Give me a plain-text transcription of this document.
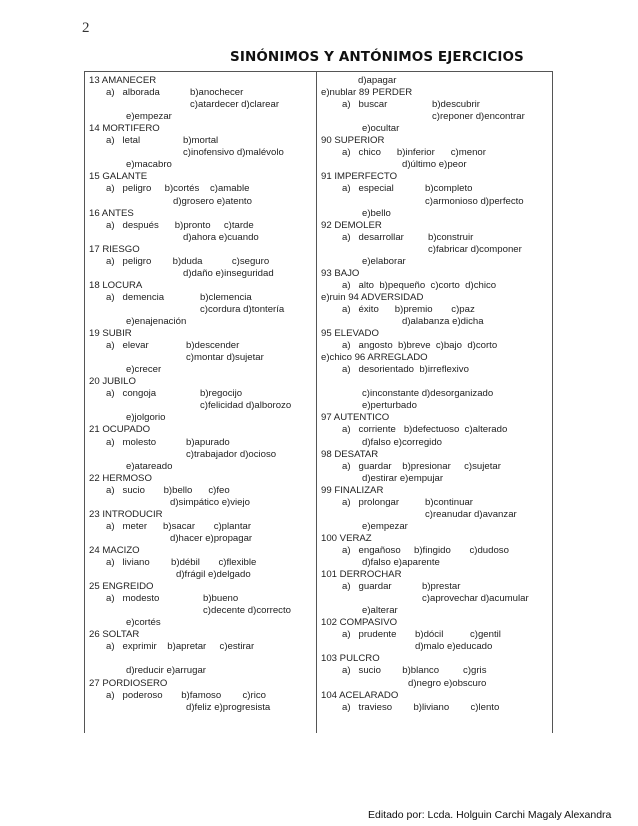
2
SINÓNIMOS Y ANTÓNIMOS EJERCICIOS
13 AMANECER
a)   alborada	b)anochecer
c)atardecer d)clarear
e)empezar
14 MORTIFERO
a)   letal	b)mortal
c)inofensivo d)malévolo
e)macabro
15 GALANTE
a)   peligro     b)cortés    c)amable
d)grosero e)atento
16 ANTES
a)   después      b)pronto     c)tarde
d)ahora e)cuando
17 RIESGO
a)   peligro        b)duda           c)seguro
d)daño e)inseguridad
18 LOCURA
a)   demencia	b)clemencia
c)cordura d)tontería
e)enajenación
19 SUBIR
a)   elevar	b)descender
c)montar d)sujetar
e)crecer
20 JUBILO
a)   congoja	b)regocijo
c)felicidad d)alborozo
e)jolgorio
21 OCUPADO
a)   molesto	b)apurado
c)trabajador d)ocioso
e)atareado
22 HERMOSO
a)   sucio       b)bello      c)feo
d)simpático e)viejo
23 INTRODUCIR
a)   meter      b)sacar       c)plantar
d)hacer e)propagar
24 MACIZO
a)   liviano        b)débil       c)flexible
d)frágil e)delgado
25 ENGREIDO
a)   modesto	b)bueno
c)decente d)correcto
e)cortés
26 SOLTAR
a)   exprimir    b)apretar     c)estirar
d)reducir e)arrugar
27 PORDIOSERO
a)   poderoso       b)famoso        c)rico
d)feliz e)progresista
d)apagar
e)nublar 89 PERDER
a)   buscar	b)descubrir
c)reponer d)encontrar
e)ocultar
90 SUPERIOR
a)   chico      b)inferior      c)menor
d)último e)peor
91 IMPERFECTO
a)   especial	b)completo
c)armonioso d)perfecto
e)bello
92 DEMOLER
a)   desarrollar	b)construir
c)fabricar d)componer
e)elaborar
93 BAJO
a)   alto  b)pequeño  c)corto  d)chico
e)ruin 94 ADVERSIDAD
a)   éxito      b)premio       c)paz
d)alabanza e)dicha
95 ELEVADO
a)   angosto  b)breve  c)bajo  d)corto
e)chico 96 ARREGLADO
a)   desorientado  b)irreflexivo
c)inconstante d)desorganizado
e)perturbado
97 AUTENTICO
a)   corriente   b)defectuoso  c)alterado
d)falso e)corregido
98 DESATAR
a)   guardar    b)presionar     c)sujetar
d)estirar e)empujar
99 FINALIZAR
a)   prolongar	b)continuar
c)reanudar d)avanzar
e)empezar
100 VERAZ
a)   engañoso     b)fingido       c)dudoso
d)falso e)aparente
101 DERROCHAR
a)   guardar	b)prestar
c)aprovechar d)acumular
e)alterar
102 COMPASIVO
a)   prudente       b)dócil          c)gentil
d)malo e)educado
103 PULCRO
a)   sucio        b)blanco         c)gris
d)negro e)obscuro
104 ACELARADO
a)   travieso        b)liviano        c)lento
Editado por: Lcda. Holguin Carchi Magaly Alexandra
